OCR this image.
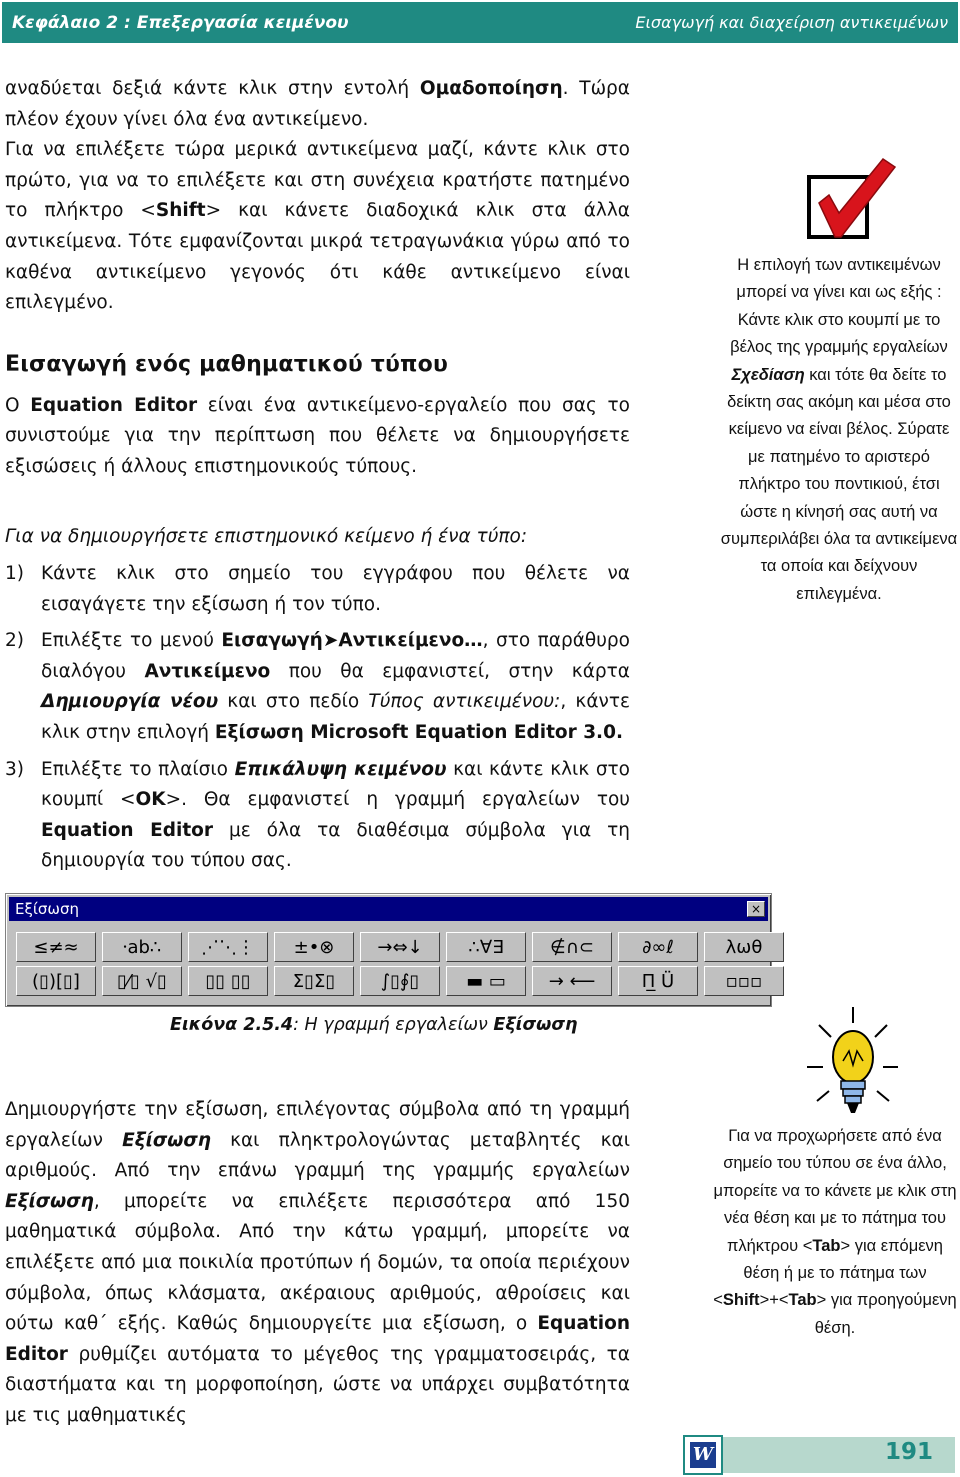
Κεφάλαιο 2 : Επεξεργασία κειμένου	Εισαγωγή και διαχείριση αντικειμένων

αναδύεται δεξιά κάντε κλικ στην εντολή Ομαδοποίηση. Τώρα πλέον έχουν γίνει όλα ένα αντικείμενο.

Για να επιλέξετε τώρα μερικά αντικείμενα μαζί, κάντε κλικ στο πρώτο, για να το επιλέξετε και στη συνέχεια κρατήστε πατημένο το πλήκτρο <Shift> και κάνετε διαδοχικά κλικ στα άλλα αντικείμενα. Τότε εμφανίζονται μικρά τετραγωνάκια γύρω από το καθένα αντικείμενο γεγονός ότι κάθε αντικείμενο είναι επιλεγμένο.

Εισαγωγή ενός μαθηματικού τύπου

Ο Equation Editor είναι ένα αντικείμενο-εργαλείο που σας το συνιστούμε για την περίπτωση που θέλετε να δημιουργήσετε εξισώσεις ή άλλους επιστημονικούς τύπους.

Για να δημιουργήσετε επιστημονικό κείμενο ή ένα τύπο:

1) Κάντε κλικ στο σημείο του εγγράφου που θέλετε να εισαγάγετε την εξίσωση ή τον τύπο.
2) Επιλέξτε το μενού Εισαγωγή➤Αντικείμενο…, στο παράθυρο διαλόγου Αντικείμενο που θα εμφανιστεί, στην κάρτα Δημιουργία νέου και στο πεδίο Τύπος αντικειμένου:, κάντε κλικ στην επιλογή Εξίσωση Microsoft Equation Editor 3.0.
3) Επιλέξτε το πλαίσιο Επικάλυψη κειμένου και κάντε κλικ στο κουμπί <OK>. Θα εμφανιστεί η γραμμή εργαλείων του Equation Editor με όλα τα διαθέσιμα σύμβολα για τη δημιουργία του τύπου σας.
Η επιλογή των αντικειμένων μπορεί να γίνει και ως εξής : Κάντε κλικ στο κουμπί με το βέλος της γραμμής εργαλείων Σχεδίαση και τότε θα δείτε το δείκτη σας ακόμη και μέσα στο κείμενο να είναι βέλος. Σύρατε με πατημένο το αριστερό πλήκτρο του ποντικιού, έτσι ώστε η κίνησή σας αυτή να συμπεριλάβει όλα τα αντικείμενα τα οποία και δείχνουν επιλεγμένα.
Εξίσωση	×
≤≠≈	⸱ab∴	⋰⋱⋮	±•⊗	→⇔↓	∴∀∃	∉∩⊂	∂∞ℓ	λωθ
(▯)[▯]	▯⁄▯ √▯	▯▯ ▯▯	Σ▯Σ▯	∫▯∮▯	▬ ▭	→ ⟵	Π̲ Ü	▫▫▫
Εικόνα 2.5.4: Η γραμμή εργαλείων Εξίσωση

Δημιουργήστε την εξίσωση, επιλέγοντας σύμβολα από τη γραμμή εργαλείων Εξίσωση και πληκτρολογώντας μεταβλητές και αριθμούς. Από την επάνω γραμμή της γραμμής εργαλείων Εξίσωση, μπορείτε να επιλέξετε περισσότερα από 150 μαθηματικά σύμβολα. Από την κάτω γραμμή, μπορείτε να επιλέξετε από μια ποικιλία προτύπων ή δομών, τα οποία περιέχουν σύμβολα, όπως κλάσματα, ακέραιους αριθμούς, αθροίσεις και ούτω καθ΄ εξής. Καθώς δημιουργείτε μια εξίσωση, ο Equation Editor ρυθμίζει αυτόματα το μέγεθος της γραμματοσειράς, τα διαστήματα και τη μορφοποίηση, ώστε να υπάρχει συμβατότητα με τις μαθηματικές

Για να προχωρήσετε από ένα σημείο του τύπου σε ένα άλλο, μπορείτε να το κάνετε με κλικ στη νέα θέση και με το πάτημα του πλήκτρου <Tab> για επόμενη θέση ή με το πάτημα των <Shift>+<Tab> για προηγούμενη θέση.
191
W
